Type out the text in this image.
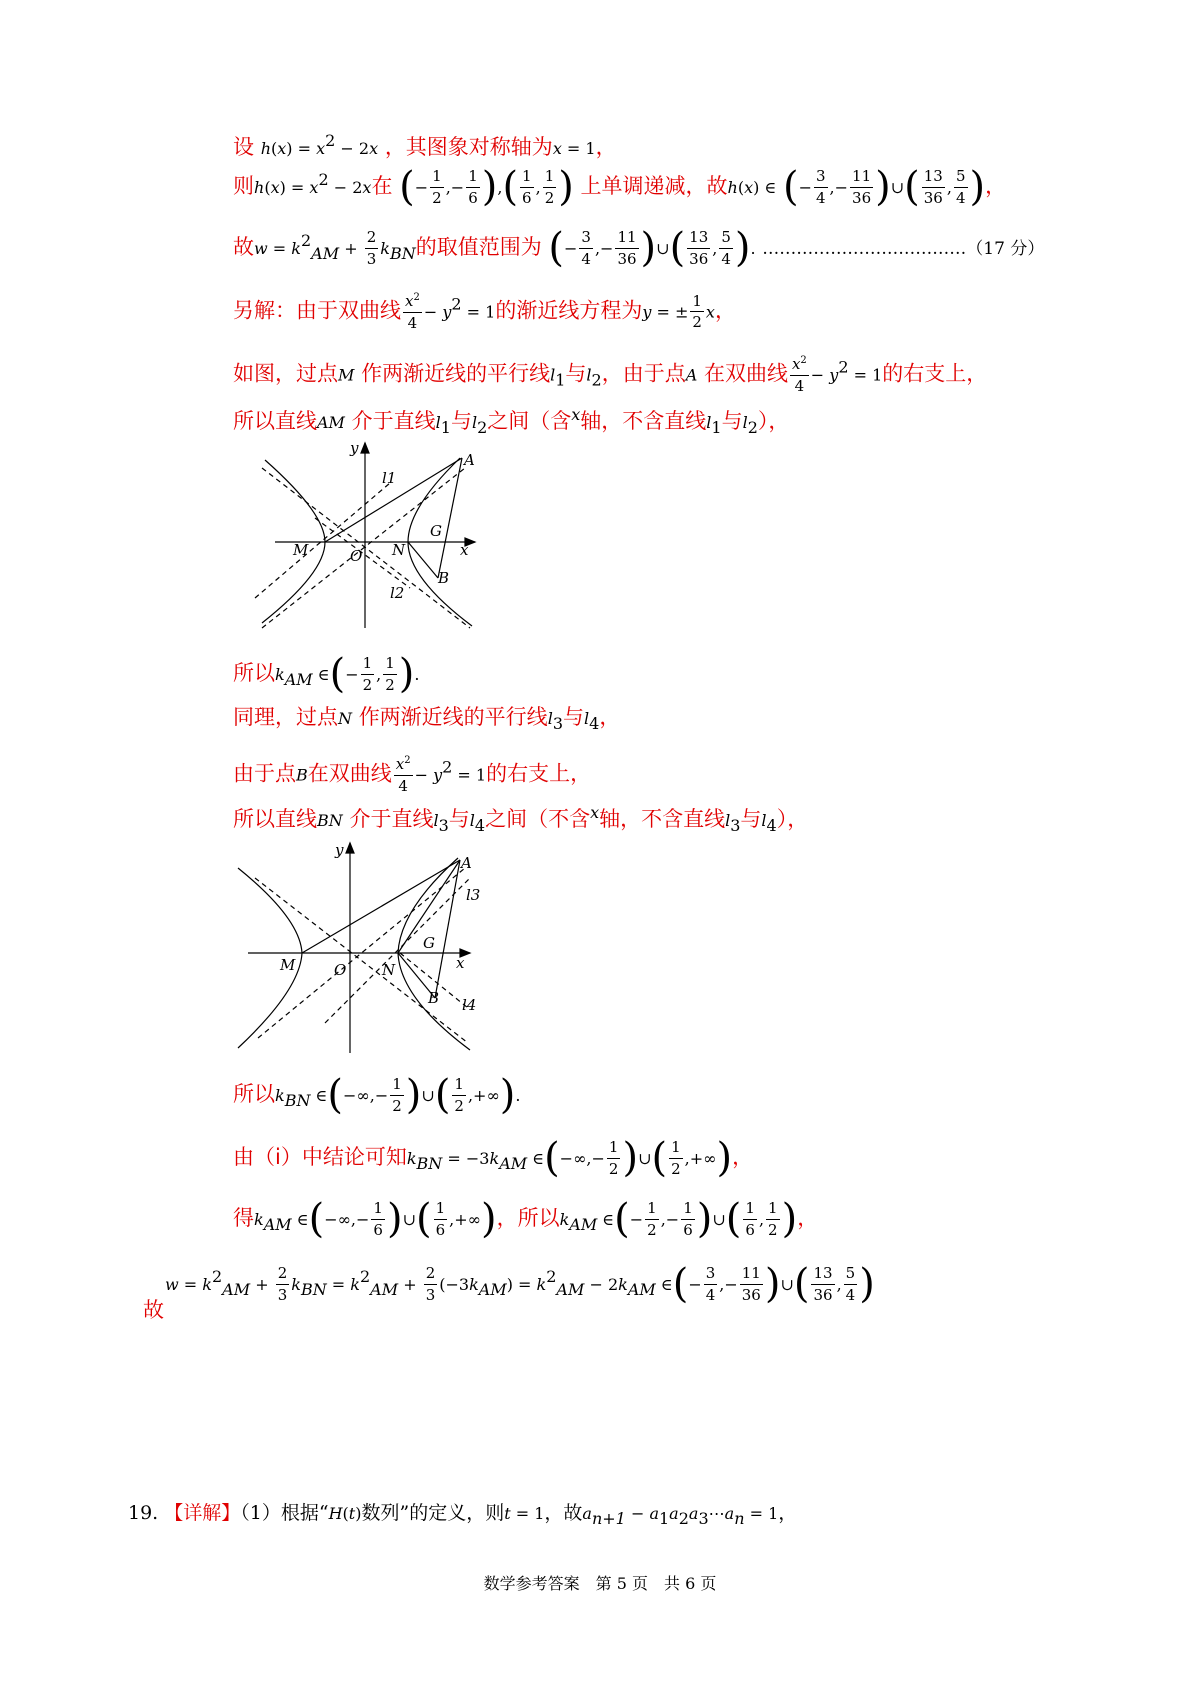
设 $h(x) = x^2 - 2x$ ，其图象对称轴为x = 1，
则$h(x) = x^2 - 2x$在 (− $\frac{1}{2}$ ,− $\frac{1}{6}$ ),( $\frac{1}{6}$ , $\frac{1}{2}$ ) 上单调递减，故h(x) ∈ (− $\frac{3}{4}$ ,− $\frac{11}{36}$ )∪( $\frac{13}{36}$ , $\frac{5}{4}$ )，
故$w = k^2_{AM} + \frac{2}{3} k_{BN}$的取值范围为 (− $\frac{3}{4}$ ,− $\frac{11}{36}$ )∪( $\frac{13}{36}$ , $\frac{5}{4}$ ). ………………………………（17 分）
另解：由于双曲线 $\frac{x^2}{4} - y^2 = 1$的渐近线方程为y = ± $\frac{1}{2}$ x，
如图，过点M 作两渐近线的平行线$l_1$与$l_2$，由于点A 在双曲线 $\frac{x^2}{4} - y^2 = 1$的右支上，
所以直线AM 介于直线$l_1$与$l_2$之间（含$^x$轴，不含直线$l_1$与$l_2$），
y
l1
A
G
M	N	x
O
B
l2
所以$k_{AM}$ ∈(− $\frac{1}{2}$ , $\frac{1}{2}$ ).
同理，过点N 作两渐近线的平行线$l_3$与$l_4$，
由于点B在双曲线 $\frac{x^2}{4} - y^2 = 1$的右支上，
所以直线BN 介于直线$l_3$与$l_4$之间（不含$^x$轴，不含直线$l_3$与$l_4$），
y
A
l3
G
M	O N	x
B l4
所以$k_{BN}$ ∈(−∞,− $\frac{1}{2}$ )∪( $\frac{1}{2}$ ,+∞).
由（ⅰ）中结论可知$k_{BN} = -3k_{AM}$ ∈(−∞,− $\frac{1}{2}$ )∪( $\frac{1}{2}$ ,+∞)，
得$k_{AM}$ ∈(−∞,− $\frac{1}{6}$ )∪( $\frac{1}{6}$ ,+∞)，所以$k_{AM}$ ∈(− $\frac{1}{2}$ ,− $\frac{1}{6}$ )∪( $\frac{1}{6}$ , $\frac{1}{2}$ )，
$w = k^2_{AM} + \frac{2}{3} k_{BN} = k^2_{AM} + \frac{2}{3} (-3k_{AM}) = k^2_{AM} - 2k_{AM}$ ∈(− $\frac{3}{4}$ ,− $\frac{11}{36}$ )∪( $\frac{13}{36}$ , $\frac{5}{4}$ )
故
19. 【详解】（1）根据“H(t)数列”的定义，则t = 1，故$a_{n+1}$ − $a_1a_2a_3\cdots a_n = 1$，
数学参考答案　第 5 页　共 6 页
